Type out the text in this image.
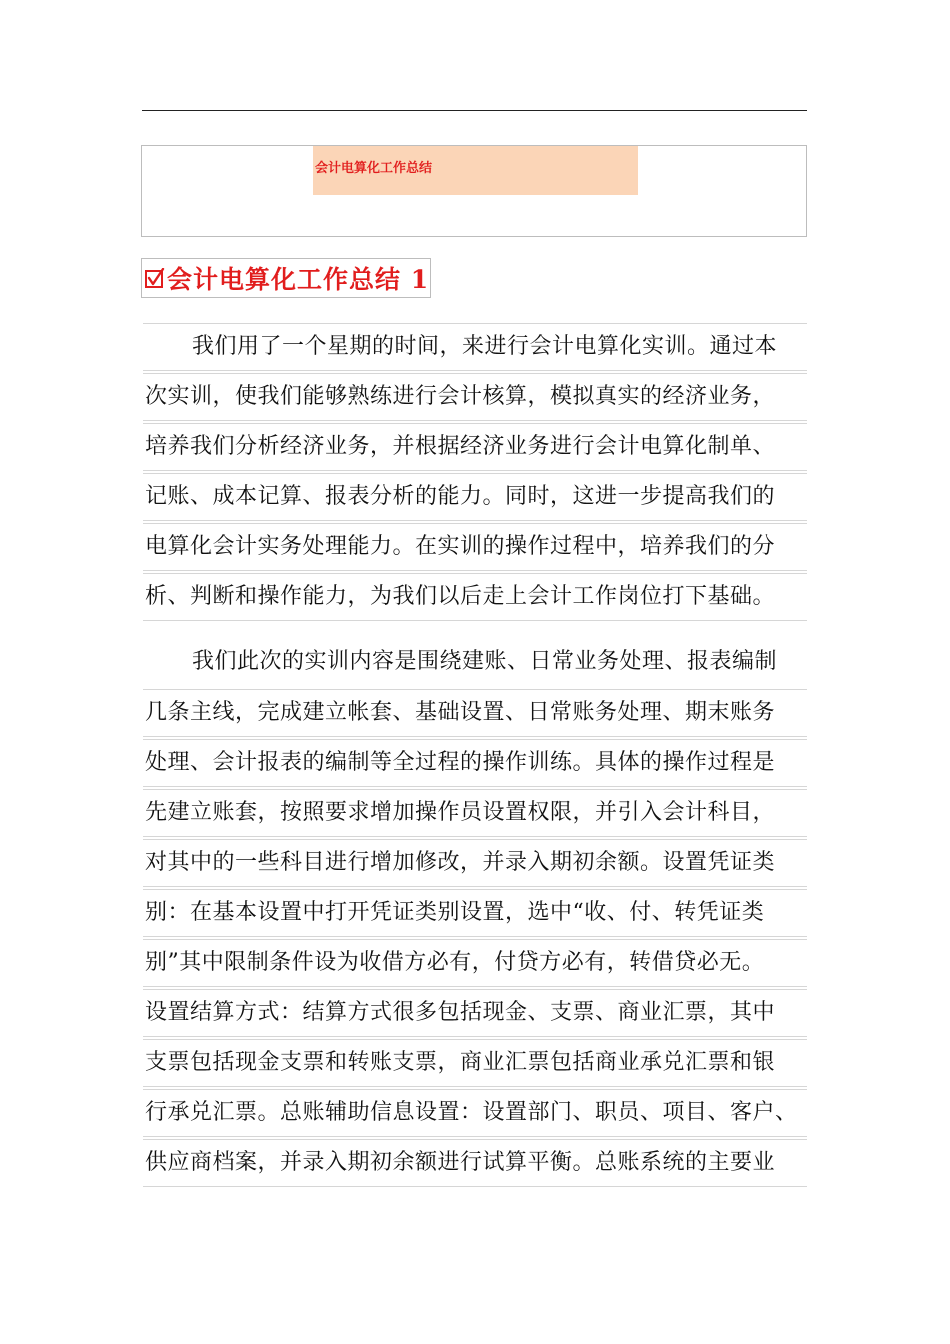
会计电算化工作总结
会计电算化工作总结 1
我们用了一个星期的时间，来进行会计电算化实训。通过本
次实训，使我们能够熟练进行会计核算，模拟真实的经济业务，
培养我们分析经济业务，并根据经济业务进行会计电算化制单、
记账、成本记算、报表分析的能力。同时，这进一步提高我们的
电算化会计实务处理能力。在实训的操作过程中，培养我们的分
析、判断和操作能力，为我们以后走上会计工作岗位打下基础。
我们此次的实训内容是围绕建账、日常业务处理、报表编制
几条主线，完成建立帐套、基础设置、日常账务处理、期末账务
处理、会计报表的编制等全过程的操作训练。具体的操作过程是
先建立账套，按照要求增加操作员设置权限，并引入会计科目，
对其中的一些科目进行增加修改，并录入期初余额。设置凭证类
别：在基本设置中打开凭证类别设置，选中“收、付、转凭证类
别”其中限制条件设为收借方必有，付贷方必有，转借贷必无。
设置结算方式：结算方式很多包括现金、支票、商业汇票，其中
支票包括现金支票和转账支票，商业汇票包括商业承兑汇票和银
行承兑汇票。总账辅助信息设置：设置部门、职员、项目、客户、
供应商档案，并录入期初余额进行试算平衡。总账系统的主要业
